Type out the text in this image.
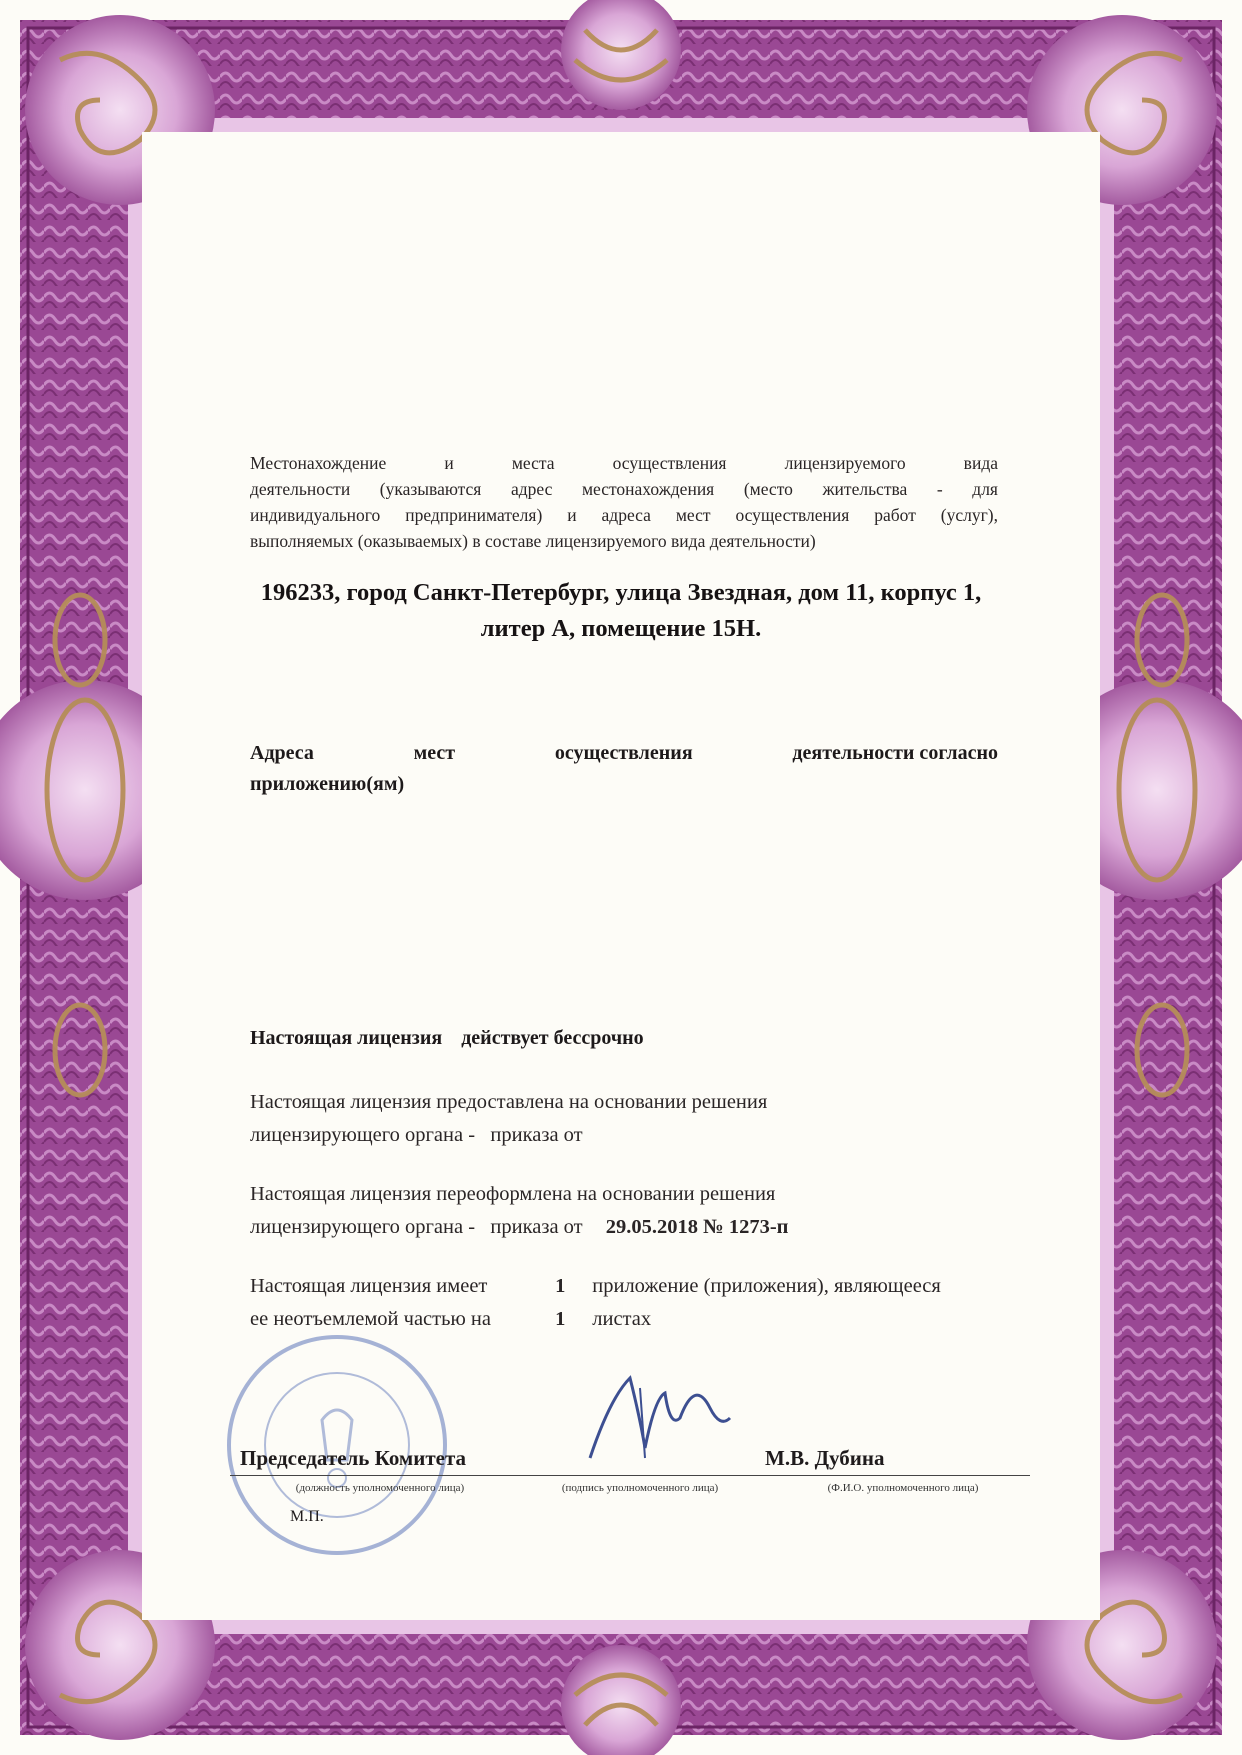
Местонахождение и места осуществления лицензируемого вида
деятельности (указываются адрес местонахождения (место жительства - для
индивидуального предпринимателя) и адреса мест осуществления работ (услуг),
выполняемых (оказываемых) в составе лицензируемого вида деятельности)
196233, город Санкт-Петербург, улица Звездная, дом 11, корпус 1,
литер А, помещение 15Н.
Адреса	мест	осуществления	деятельности согласно
приложению(ям)
Настоящая лицензия действует бессрочно
Настоящая лицензия предоставлена на основании решения
лицензирующего органа -   приказа от
Настоящая лицензия переоформлена на основании решения
лицензирующего органа -   приказа от 29.05.2018 № 1273-п
Настоящая лицензия имеет	1 приложение (приложения), являющееся
ее неотъемлемой частью на	1 листах
Председатель Комитета	М.В. Дубина
(должность уполномоченного лица)	(подпись уполномоченного лица)	(Ф.И.О. уполномоченного лица)
М.П.
